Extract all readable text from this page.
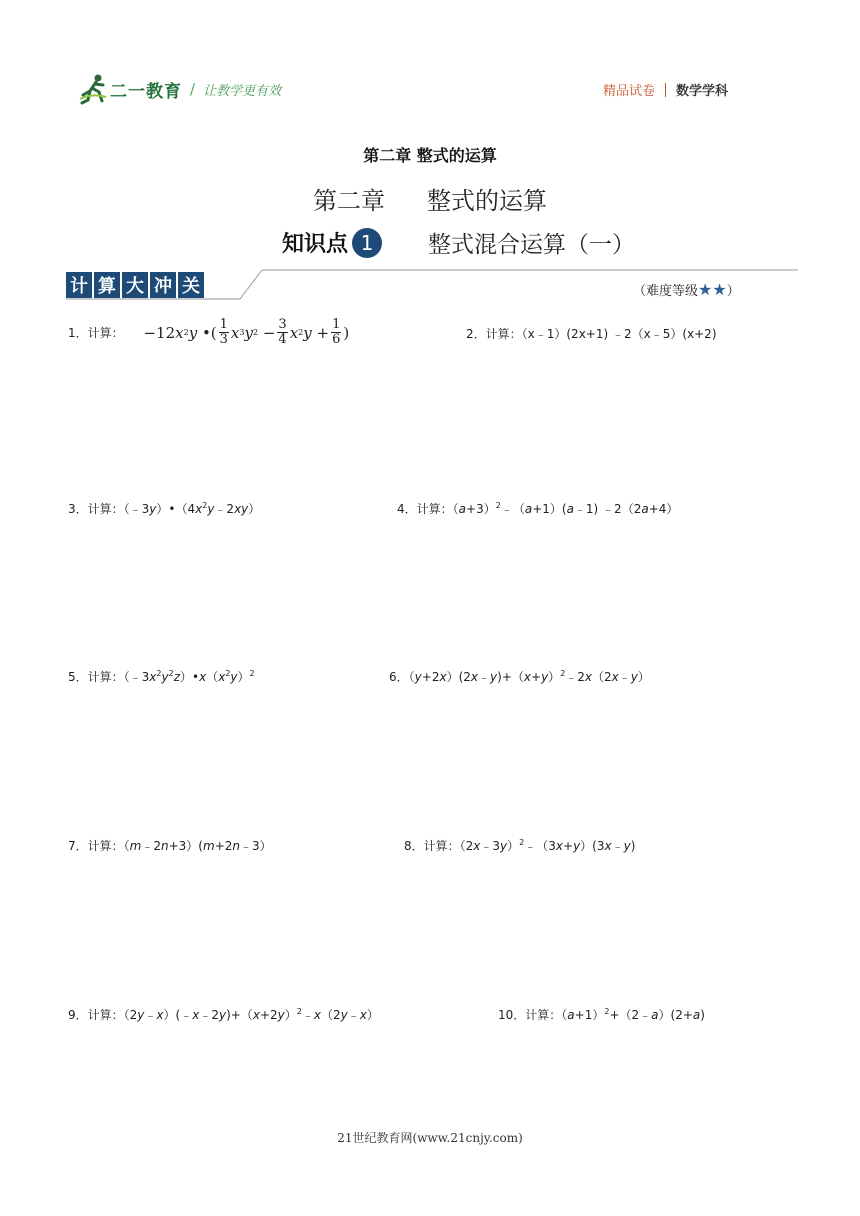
二一教育 / 让教学更有效	精品试卷 数学学科
第二章 整式的运算
第二章 整式的运算
知识点 1	整式混合运算（一）
计 算 大 冲 关	（难度等级 ★★ ）
1．计算： −12 x 2 y •( $\frac{1}{3}$ x 3 y $2 - \frac{3}{4}$ x 2 $y + \frac{1}{6}$ )	2．计算：（x﹣1）(2x+1) ﹣2（x﹣5）(x+2)
3．计算：$(﹣3y)•(4x^2y﹣2xy)$	4．计算：$(a+3)^2﹣(a+1)(a﹣1)$ ﹣2（2a+4）
5．计算：$(﹣3x^2y^2z)•x(x^2y)^2$	6．$(y+2x)(2x﹣y)+(x+y)^2﹣2x(2x﹣y)$
7．计算：（m﹣2n+3）(m+2n﹣3）	8．计算：（2x﹣3y）$^2$﹣（3x+y）(3x﹣y)
9．计算：$(2y﹣x)(﹣x﹣2y)+(x+2y)^2﹣x(2y﹣x)$	10．计算：$(a+1)^2+(2﹣a)(2+a)$
21世纪教育网(www.21cnjy.com)
